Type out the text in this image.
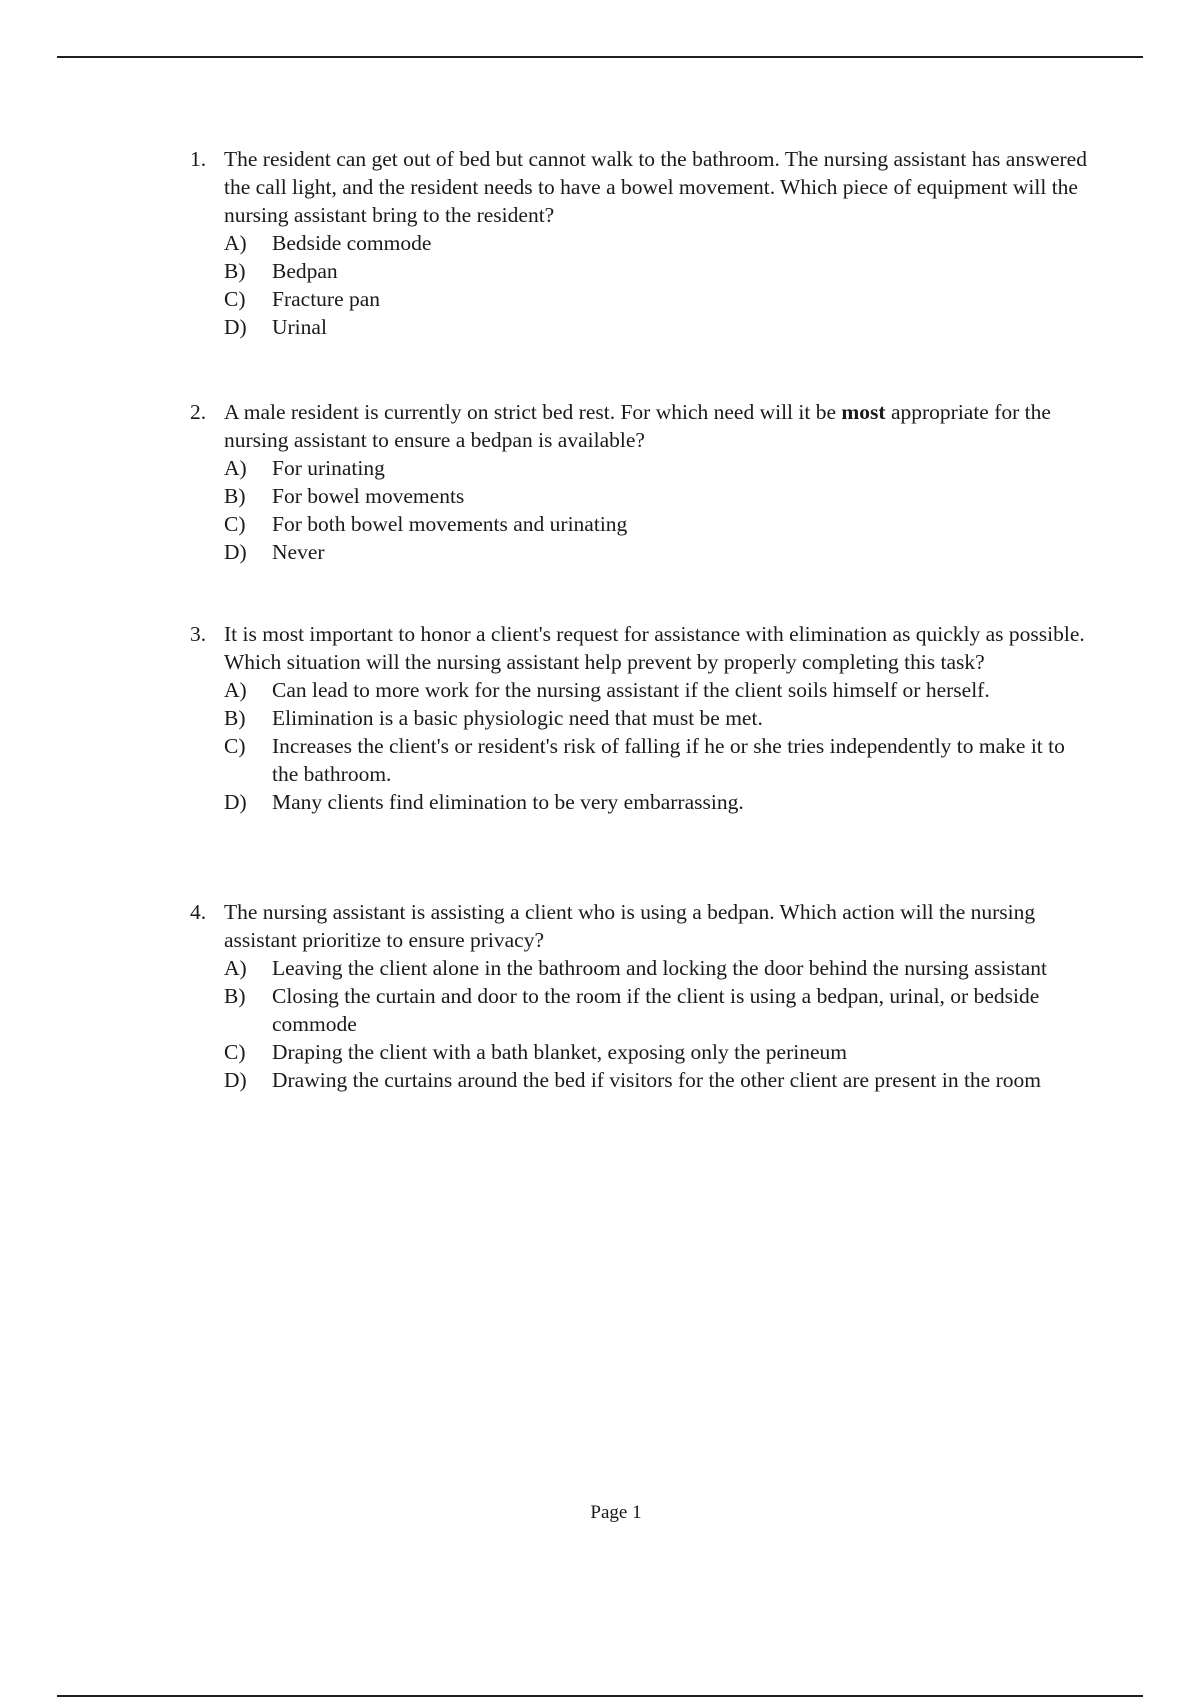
1. The resident can get out of bed but cannot walk to the bathroom. The nursing assistant has answered the call light, and the resident needs to have a bowel movement. Which piece of equipment will the nursing assistant bring to the resident?
A)	Bedside commode
B)	Bedpan
C)	Fracture pan
D)	Urinal
2. A male resident is currently on strict bed rest. For which need will it be most appropriate for the nursing assistant to ensure a bedpan is available?
A)	For urinating
B)	For bowel movements
C)	For both bowel movements and urinating
D)	Never
3. It is most important to honor a client's request for assistance with elimination as quickly as possible. Which situation will the nursing assistant help prevent by properly completing this task?
A)	Can lead to more work for the nursing assistant if the client soils himself or herself.
B)	Elimination is a basic physiologic need that must be met.
C)	Increases the client's or resident's risk of falling if he or she tries independently to make it to the bathroom.
D)	Many clients find elimination to be very embarrassing.
4. The nursing assistant is assisting a client who is using a bedpan. Which action will the nursing assistant prioritize to ensure privacy?
A)	Leaving the client alone in the bathroom and locking the door behind the nursing assistant
B)	Closing the curtain and door to the room if the client is using a bedpan, urinal, or bedside commode
C)	Draping the client with a bath blanket, exposing only the perineum
D)	Drawing the curtains around the bed if visitors for the other client are present in the room
Page 1
